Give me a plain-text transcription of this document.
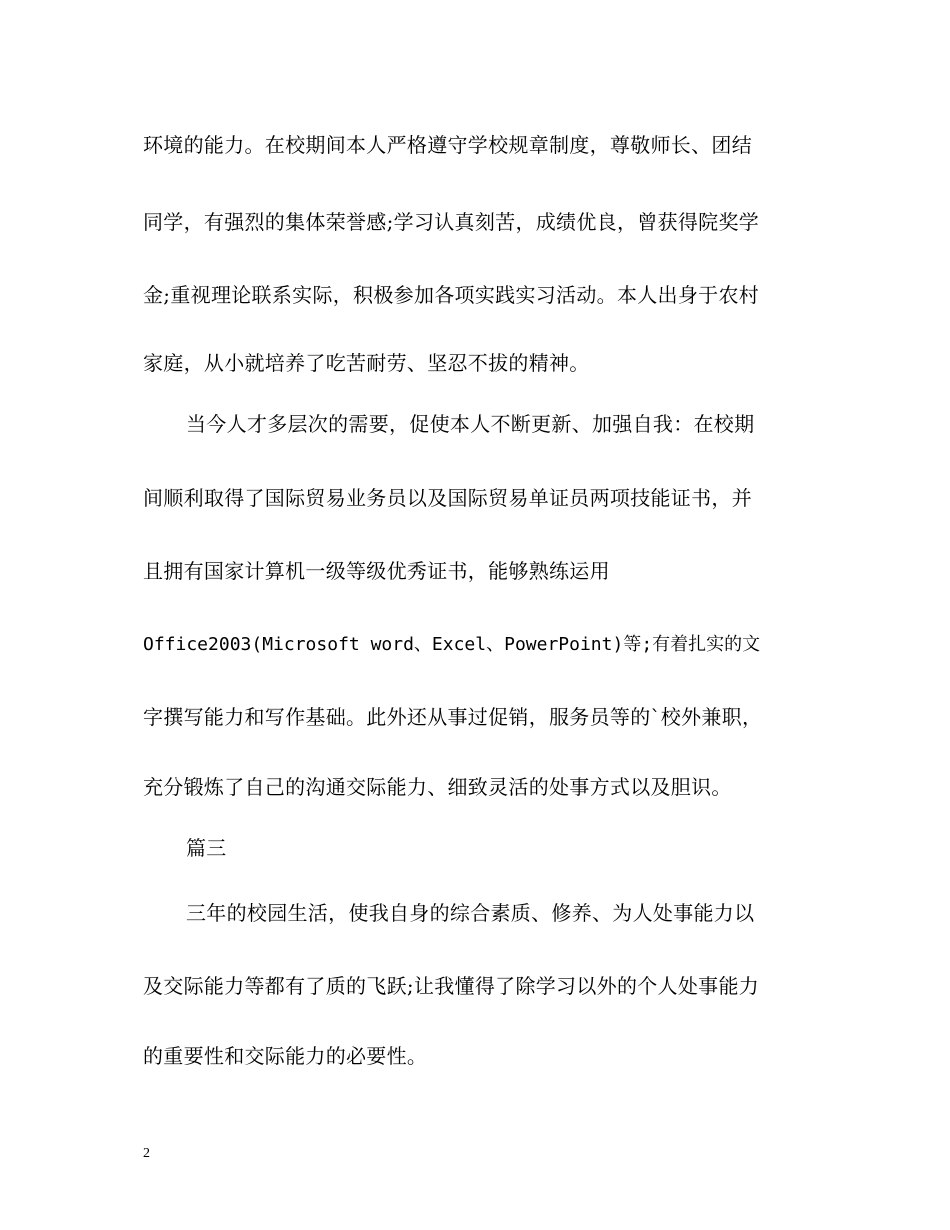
环境的能力。在校期间本人严格遵守学校规章制度，尊敬师长、团结
同学，有强烈的集体荣誉感;学习认真刻苦，成绩优良，曾获得院奖学
金;重视理论联系实际，积极参加各项实践实习活动。本人出身于农村
家庭，从小就培养了吃苦耐劳、坚忍不拔的精神。
当今人才多层次的需要，促使本人不断更新、加强自我：在校期
间顺利取得了国际贸易业务员以及国际贸易单证员两项技能证书，并
且拥有国家计算机一级等级优秀证书，能够熟练运用
Office2003(Microsoft word、Excel、PowerPoint)等;有着扎实的文
字撰写能力和写作基础。此外还从事过促销，服务员等的`校外兼职，
充分锻炼了自己的沟通交际能力、细致灵活的处事方式以及胆识。
篇三
三年的校园生活，使我自身的综合素质、修养、为人处事能力以
及交际能力等都有了质的飞跃;让我懂得了除学习以外的个人处事能力
的重要性和交际能力的必要性。
2
